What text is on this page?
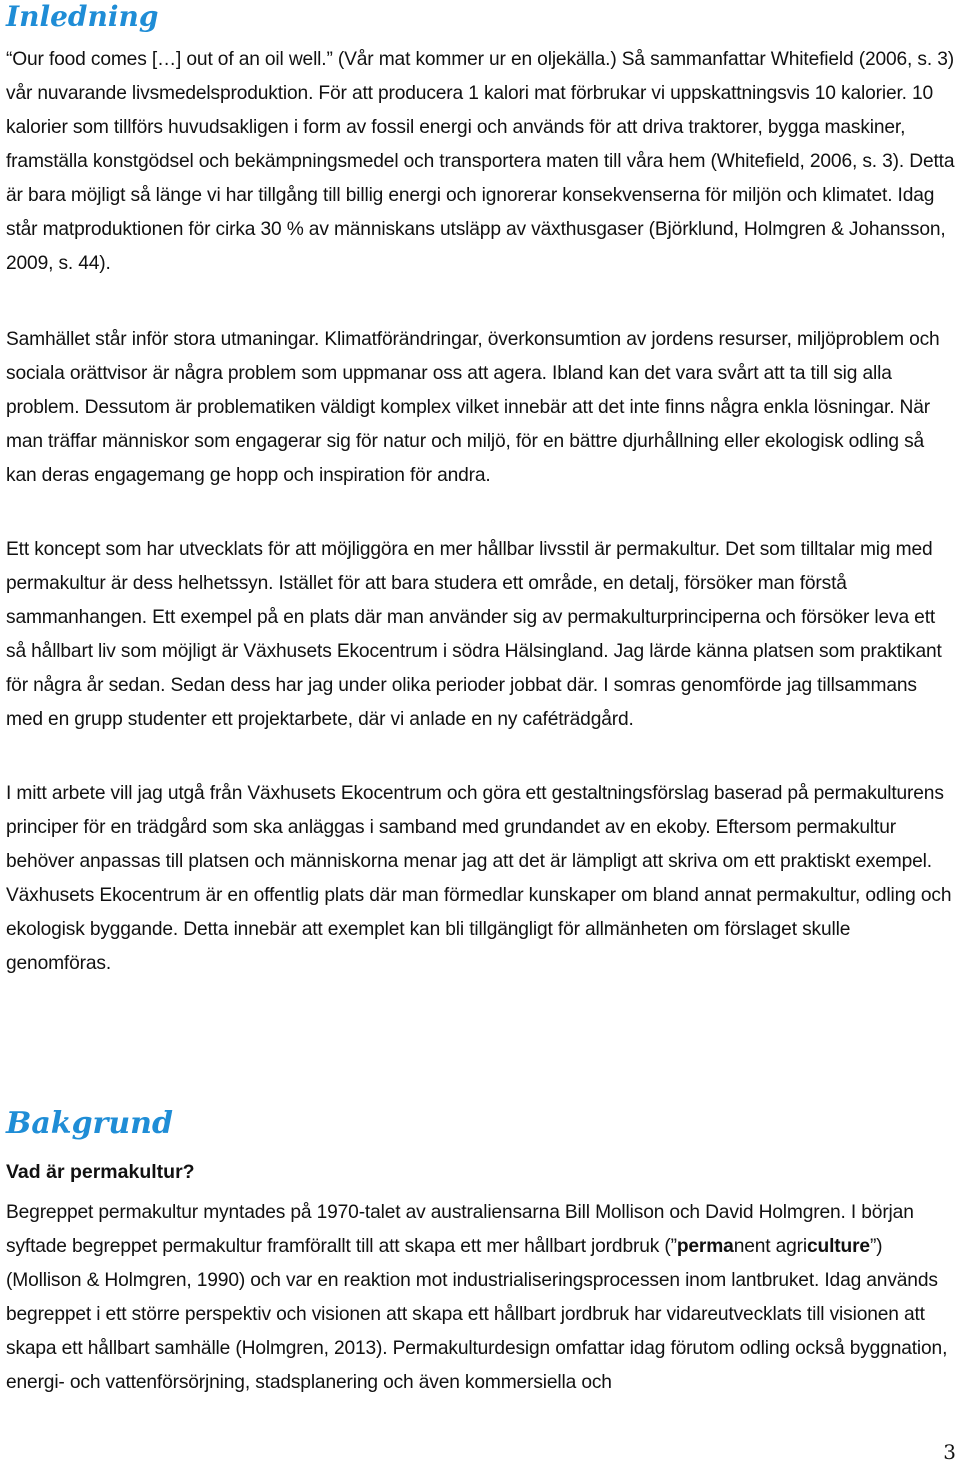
Inledning

“Our food comes […] out of an oil well.” (Vår mat kommer ur en oljekälla.) Så sammanfattar Whitefield (2006, s. 3) vår nuvarande livsmedelsproduktion. För att producera 1 kalori mat förbrukar vi uppskattningsvis 10 kalorier. 10 kalorier som tillförs huvudsakligen i form av fossil energi och används för att driva traktorer, bygga maskiner, framställa konstgödsel och bekämpningsmedel och transportera maten till våra hem (Whitefield, 2006, s. 3). Detta är bara möjligt så länge vi har tillgång till billig energi och ignorerar konsekvenserna för miljön och klimatet. Idag står matproduktionen för cirka 30 % av människans utsläpp av växthusgaser (Björklund, Holmgren & Johansson, 2009, s. 44).

Samhället står inför stora utmaningar. Klimatförändringar, överkonsumtion av jordens resurser, miljöproblem och sociala orättvisor är några problem som uppmanar oss att agera. Ibland kan det vara svårt att ta till sig alla problem. Dessutom är problematiken väldigt komplex vilket innebär att det inte finns några enkla lösningar. När man träffar människor som engagerar sig för natur och miljö, för en bättre djurhållning eller ekologisk odling så kan deras engagemang ge hopp och inspiration för andra.

Ett koncept som har utvecklats för att möjliggöra en mer hållbar livsstil är permakultur. Det som tilltalar mig med permakultur är dess helhetssyn. Istället för att bara studera ett område, en detalj, försöker man förstå sammanhangen. Ett exempel på en plats där man använder sig av permakulturprinciperna och försöker leva ett så hållbart liv som möjligt är Växhusets Ekocentrum i södra Hälsingland. Jag lärde känna platsen som praktikant för några år sedan. Sedan dess har jag under olika perioder jobbat där. I somras genomförde jag tillsammans med en grupp studenter ett projektarbete, där vi anlade en ny caféträdgård.

I mitt arbete vill jag utgå från Växhusets Ekocentrum och göra ett gestaltningsförslag baserad på permakulturens principer för en trädgård som ska anläggas i samband med grundandet av en ekoby. Eftersom permakultur behöver anpassas till platsen och människorna menar jag att det är lämpligt att skriva om ett praktiskt exempel. Växhusets Ekocentrum är en offentlig plats där man förmedlar kunskaper om bland annat permakultur, odling och ekologisk byggande. Detta innebär att exemplet kan bli tillgängligt för allmänheten om förslaget skulle genomföras.

Bakgrund
Vad är permakultur?

Begreppet permakultur myntades på 1970-talet av australiensarna Bill Mollison och David Holmgren. I början syftade begreppet permakultur framförallt till att skapa ett mer hållbart jordbruk (”permanent agriculture”) (Mollison & Holmgren, 1990) och var en reaktion mot industrialiseringsprocessen inom lantbruket. Idag används begreppet i ett större perspektiv och visionen att skapa ett hållbart jordbruk har vidareutvecklats till visionen att skapa ett hållbart samhälle (Holmgren, 2013). Permakulturdesign omfattar idag förutom odling också byggnation, energi- och vattenförsörjning, stadsplanering och även kommersiella och

3
